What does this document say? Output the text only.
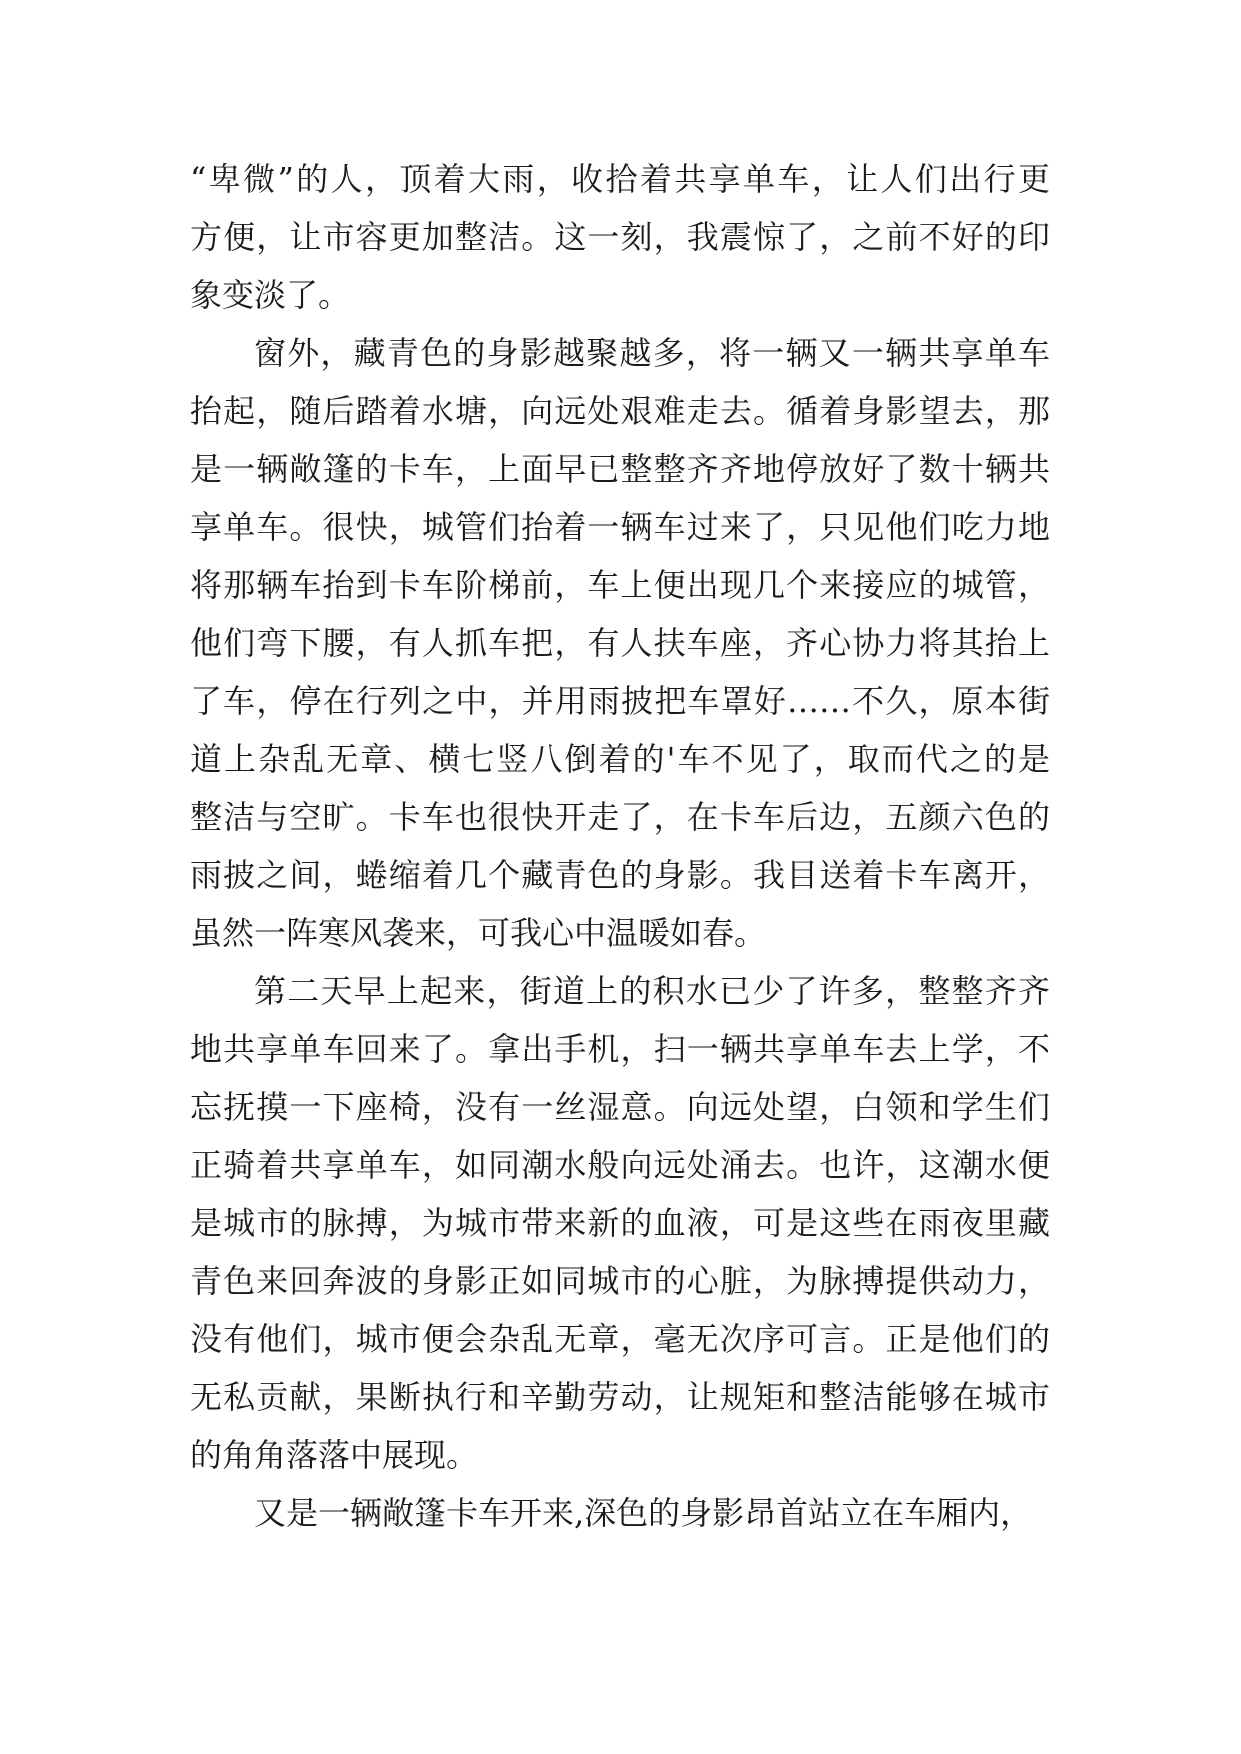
“卑微”的人，顶着大雨，收拾着共享单车，让人们出行更
方便，让市容更加整洁。这一刻，我震惊了，之前不好的印
象变淡了。
窗外，藏青色的身影越聚越多，将一辆又一辆共享单车
抬起，随后踏着水塘，向远处艰难走去。循着身影望去，那
是一辆敞篷的卡车，上面早已整整齐齐地停放好了数十辆共
享单车。很快，城管们抬着一辆车过来了，只见他们吃力地
将那辆车抬到卡车阶梯前，车上便出现几个来接应的城管，
他们弯下腰，有人抓车把，有人扶车座，齐心协力将其抬上
了车，停在行列之中，并用雨披把车罩好……不久，原本街
道上杂乱无章、横七竖八倒着的'车不见了，取而代之的是
整洁与空旷。卡车也很快开走了，在卡车后边，五颜六色的
雨披之间，蜷缩着几个藏青色的身影。我目送着卡车离开，
虽然一阵寒风袭来，可我心中温暖如春。
第二天早上起来，街道上的积水已少了许多，整整齐齐
地共享单车回来了。拿出手机，扫一辆共享单车去上学，不
忘抚摸一下座椅，没有一丝湿意。向远处望，白领和学生们
正骑着共享单车，如同潮水般向远处涌去。也许，这潮水便
是城市的脉搏，为城市带来新的血液，可是这些在雨夜里藏
青色来回奔波的身影正如同城市的心脏，为脉搏提供动力，
没有他们，城市便会杂乱无章，毫无次序可言。正是他们的
无私贡献，果断执行和辛勤劳动，让规矩和整洁能够在城市
的角角落落中展现。
又是一辆敞篷卡车开来,深色的身影昂首站立在车厢内，
